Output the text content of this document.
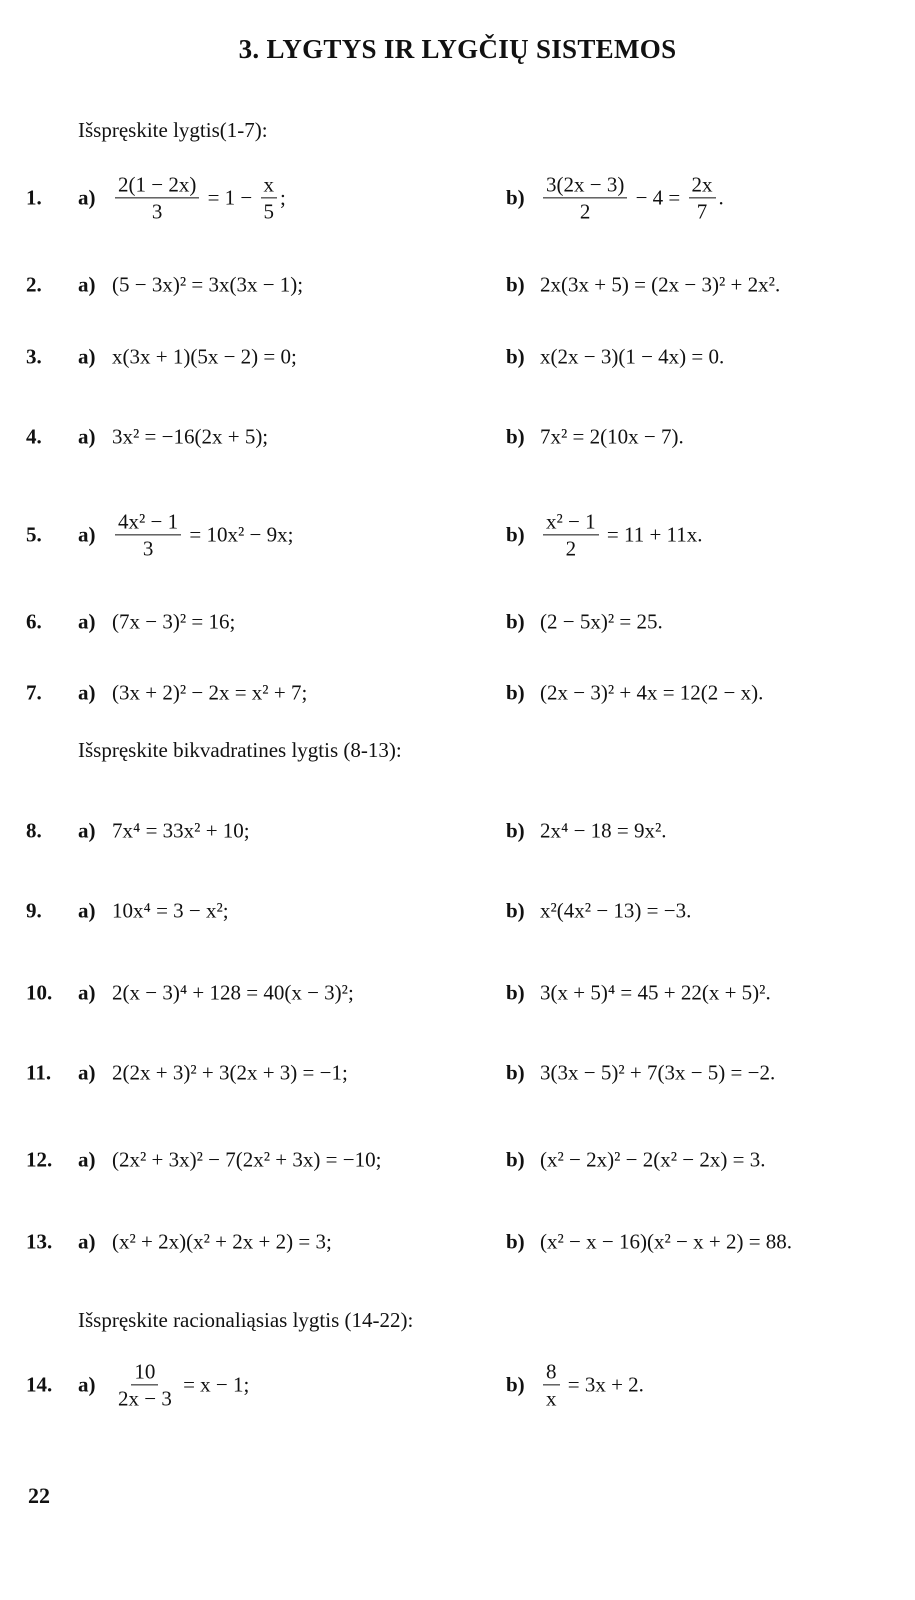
3. LYGTYS IR LYGČIŲ SISTEMOS
Išspręskite lygtis(1-7):
Išspręskite bikvadratines lygtis (8-13):
Išspręskite racionaliąsias lygtis (14-22):
1. $a) \frac{2(1 - 2x)}{3} = 1 - \frac{x}{5}$ ;	$b) \frac{3(2x - 3)}{2} - 4 = \frac{2x}{7}$ .
2. a) (5 − 3x)² = 3x(3x − 1);	b) 2x(3x + 5) = (2x − 3)² + 2x².
3. a) x(3x + 1)(5x − 2) = 0;	b) x(2x − 3)(1 − 4x) = 0.
4. a) 3x² = −16(2x + 5);	b) 7x² = 2(10x − 7).
5. $a) \frac{\text{4x² − 1}}{3} = 10x^2 - 9x$;	$b) \frac{\text{x² − 1}}{2} = 11 + 11x$.
6. a) (7x − 3)² = 16;	b) (2 − 5x)² = 25.
7. a) (3x + 2)² − 2x = x² + 7;	b) (2x − 3)² + 4x = 12(2 − x).
8. a) 7x⁴ = 33x² + 10;	b) 2x⁴ − 18 = 9x².
9. a) 10x⁴ = 3 − x²;	b) x²(4x² − 13) = −3.
10. a) 2(x − 3)⁴ + 128 = 40(x − 3)²;	b) 3(x + 5)⁴ = 45 + 22(x + 5)².
11. a) 2(2x + 3)² + 3(2x + 3) = −1;	b) 3(3x − 5)² + 7(3x − 5) = −2.
12. a) (2x² + 3x)² − 7(2x² + 3x) = −10;	b) (x² − 2x)² − 2(x² − 2x) = 3.
13. a) (x² + 2x)(x² + 2x + 2) = 3;	b) (x² − x − 16)(x² − x + 2) = 88.
14. $a) \frac{10}{2x - 3} = x - 1$;	$b) \frac{8}{x} = 3x + 2$.
22
